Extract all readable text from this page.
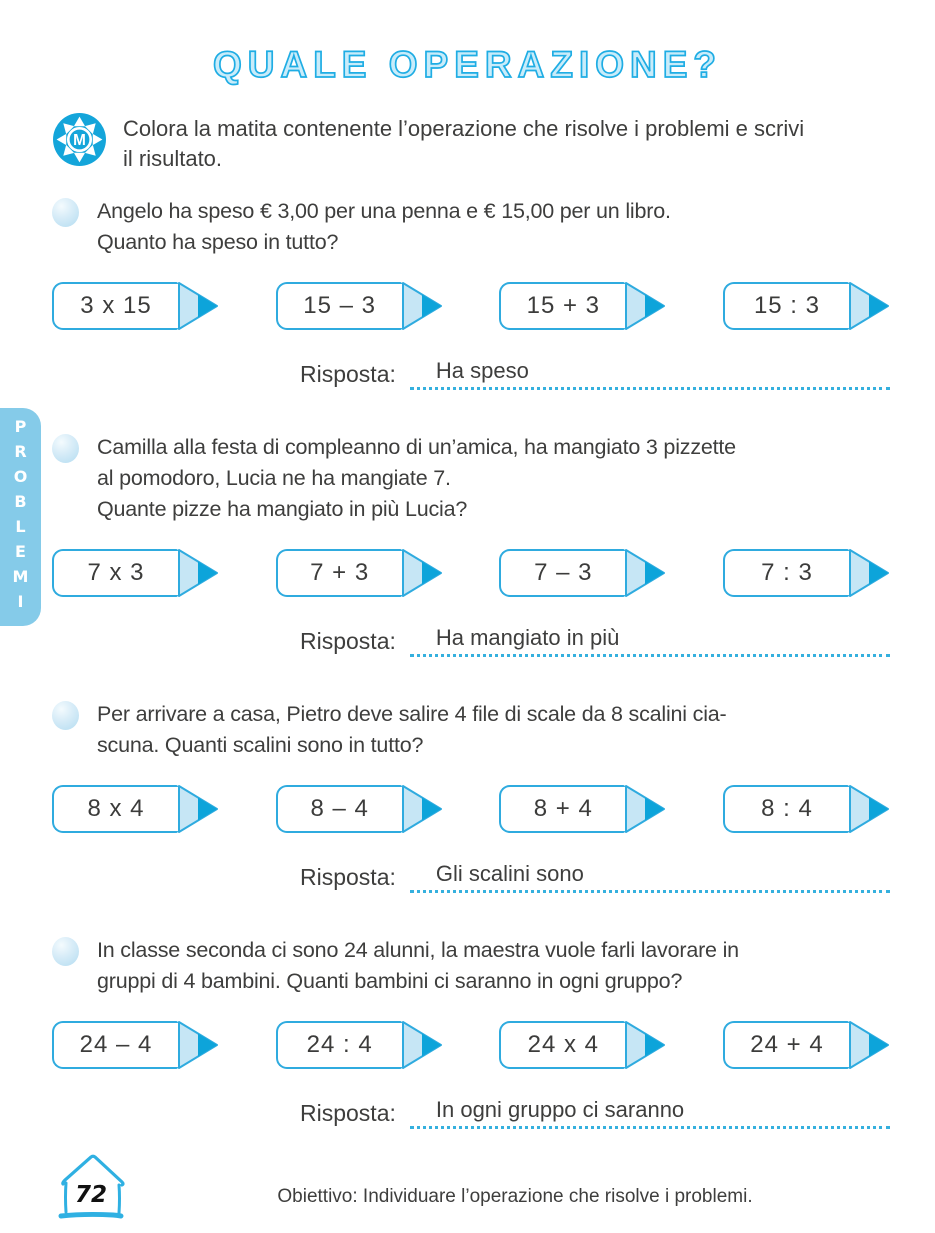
QUALE OPERAZIONE?
M Colora la matita contenente l’operazione che risolve i problemi e scrivi
il risultato.
Angelo ha speso € 3,00 per una penna e € 15,00 per un libro.
Quanto ha speso in tutto?
3 x 15	15 – 3	15 + 3	15 : 3
Risposta:	Ha speso
Camilla alla festa di compleanno di un’amica, ha mangiato 3 pizzette
al pomodoro, Lucia ne ha mangiate 7.
Quante pizze ha mangiato in più Lucia?
7 x 3	7 + 3	7 – 3	7 : 3
Risposta:	Ha mangiato in più
Per arrivare a casa, Pietro deve salire 4 file di scale da 8 scalini cia-
scuna. Quanti scalini sono in tutto?
8 x 4	8 – 4	8 + 4	8 : 4
Risposta:	Gli scalini sono
In classe seconda ci sono 24 alunni, la maestra vuole farli lavorare in
gruppi di 4 bambini. Quanti bambini ci saranno in ogni gruppo?
24 – 4	24 : 4	24 x 4	24 + 4
Risposta:	In ogni gruppo ci saranno
PROBLEMI
72	Obiettivo: Individuare l’operazione che risolve i problemi.
